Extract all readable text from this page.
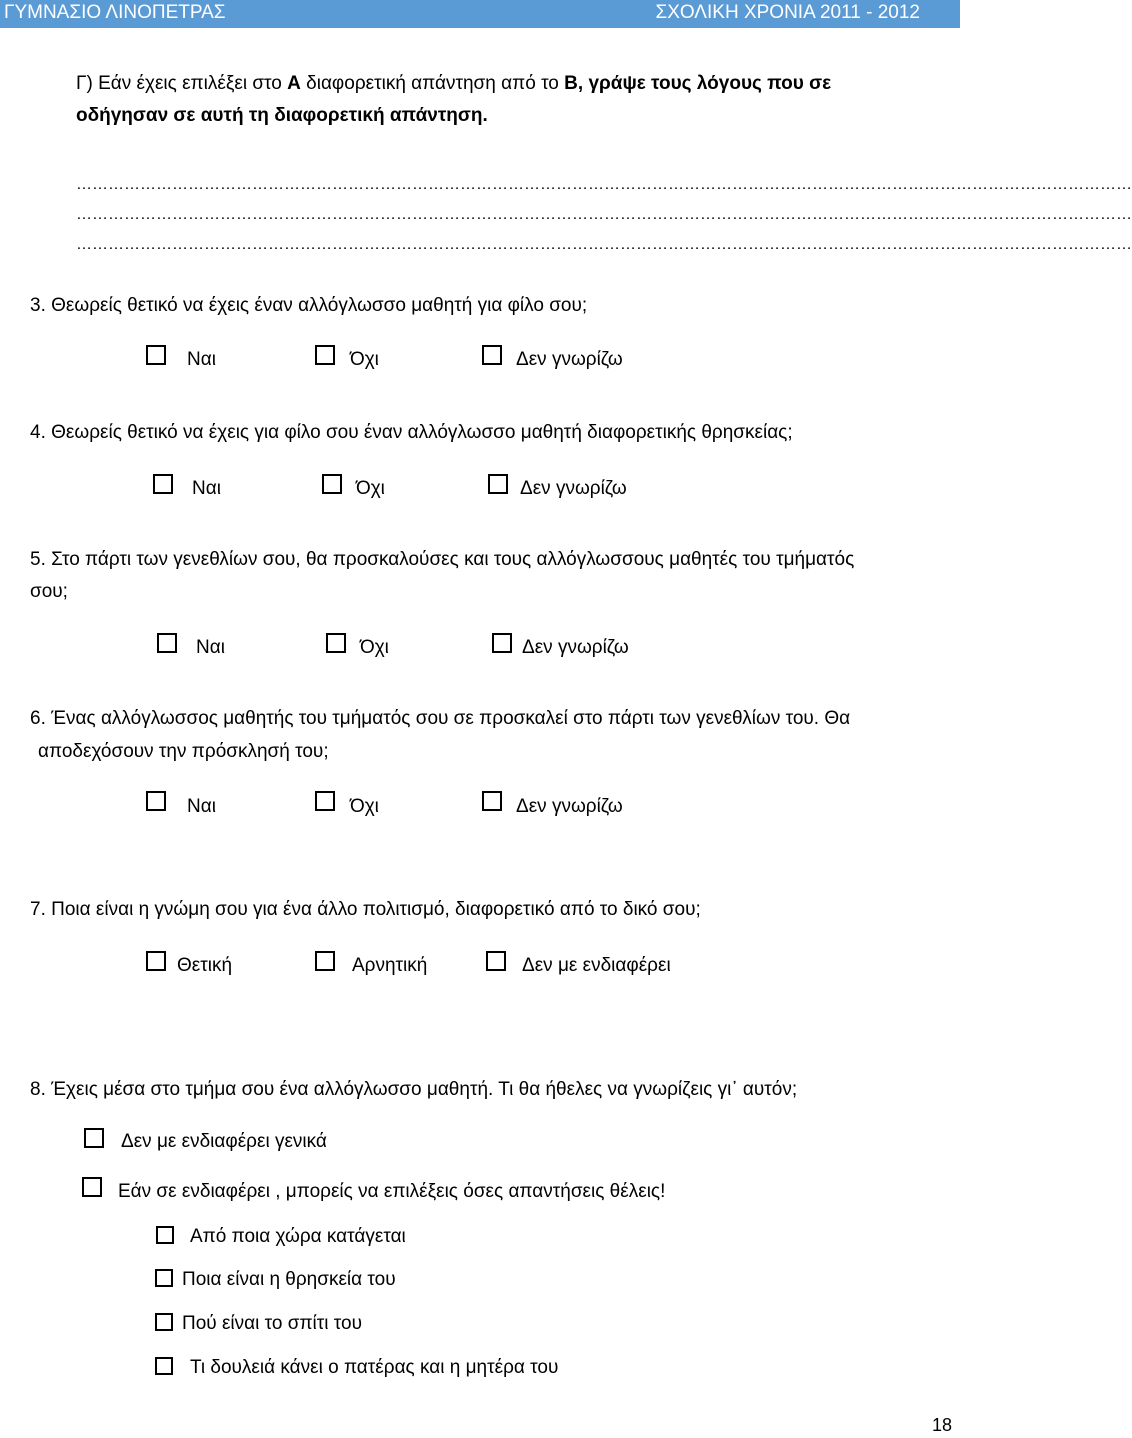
ΓΥΜΝΑΣΙΟ ΛΙΝΟΠΕΤΡΑΣ	ΣΧΟΛΙΚΗ ΧΡΟΝΙΑ 2011 - 2012
Γ) Εάν έχεις επιλέξει στο Α διαφορετική απάντηση από το Β, γράψε τους λόγους που σε
οδήγησαν σε αυτή τη διαφορετική απάντηση.
………………………………………………………………………………………………………………………………………………………………………………
………………………………………………………………………………………………………………………………………………………………………………
………………………………………………………………………………………………………………………………………………………………………………
3. Θεωρείς θετικό να έχεις έναν αλλόγλωσσο μαθητή για φίλο σου;
Ναι	Όχι	Δεν γνωρίζω
4. Θεωρείς θετικό να έχεις για φίλο σου έναν αλλόγλωσσο μαθητή διαφορετικής θρησκείας;
Ναι	Όχι	Δεν γνωρίζω
5. Στο πάρτι των γενεθλίων σου, θα προσκαλούσες και τους αλλόγλωσσους μαθητές του τμήματός
σου;
Ναι	Όχι	Δεν γνωρίζω
6. Ένας αλλόγλωσσος μαθητής του τμήματός σου σε προσκαλεί στο πάρτι των γενεθλίων του. Θα
αποδεχόσουν την πρόσκλησή του;
Ναι	Όχι	Δεν γνωρίζω
7. Ποια είναι η γνώμη σου για ένα άλλο πολιτισμό, διαφορετικό από το δικό σου;
Θετική	Αρνητική	Δεν με ενδιαφέρει
8. Έχεις μέσα στο τμήμα σου ένα αλλόγλωσσο μαθητή. Τι θα ήθελες να γνωρίζεις γι᾽ αυτόν;
Δεν με ενδιαφέρει γενικά
Εάν σε ενδιαφέρει , μπορείς να επιλέξεις όσες απαντήσεις θέλεις!
Από ποια χώρα κατάγεται
Ποια είναι η θρησκεία του
Πού είναι το σπίτι του
Τι δουλειά κάνει ο πατέρας και η μητέρα του
18
